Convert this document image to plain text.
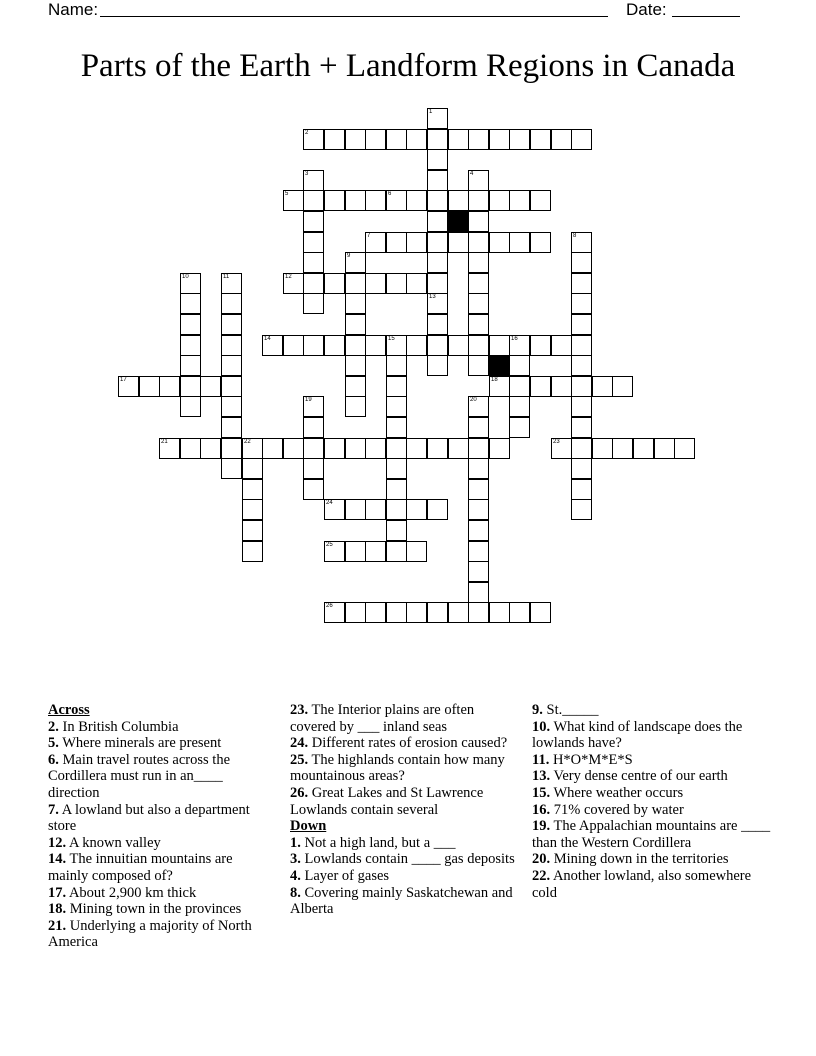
Name:	Date:
Parts of the Earth + Landform Regions in Canada
1
13
2
3	4
5	6
7	8
9
10	11	12
14	15	16
17	18
19	20
21	22	23
24
25
26
Across

2. In British Columbia

5. Where minerals are present

6. Main travel routes across the Cordillera must run in an____ direction

7. A lowland but also a department store

12. A known valley

14. The innuitian mountains are mainly composed of?

17. About 2,900 km thick

18. Mining town in the provinces

21. Underlying a majority of North America

23. The Interior plains are often covered by ___ inland seas

24. Different rates of erosion caused?

25. The highlands contain how many mountainous areas?

26. Great Lakes and St Lawrence Lowlands contain several

Down

1. Not a high land, but a ___

3. Lowlands contain ____ gas deposits

4. Layer of gases

8. Covering mainly Saskatchewan and Alberta

9. St._____

10. What kind of landscape does the lowlands have?

11. H*O*M*E*S

13. Very dense centre of our earth

15. Where weather occurs

16. 71% covered by water

19. The Appalachian mountains are ____ than the Western Cordillera

20. Mining down in the territories

22. Another lowland, also somewhere cold
